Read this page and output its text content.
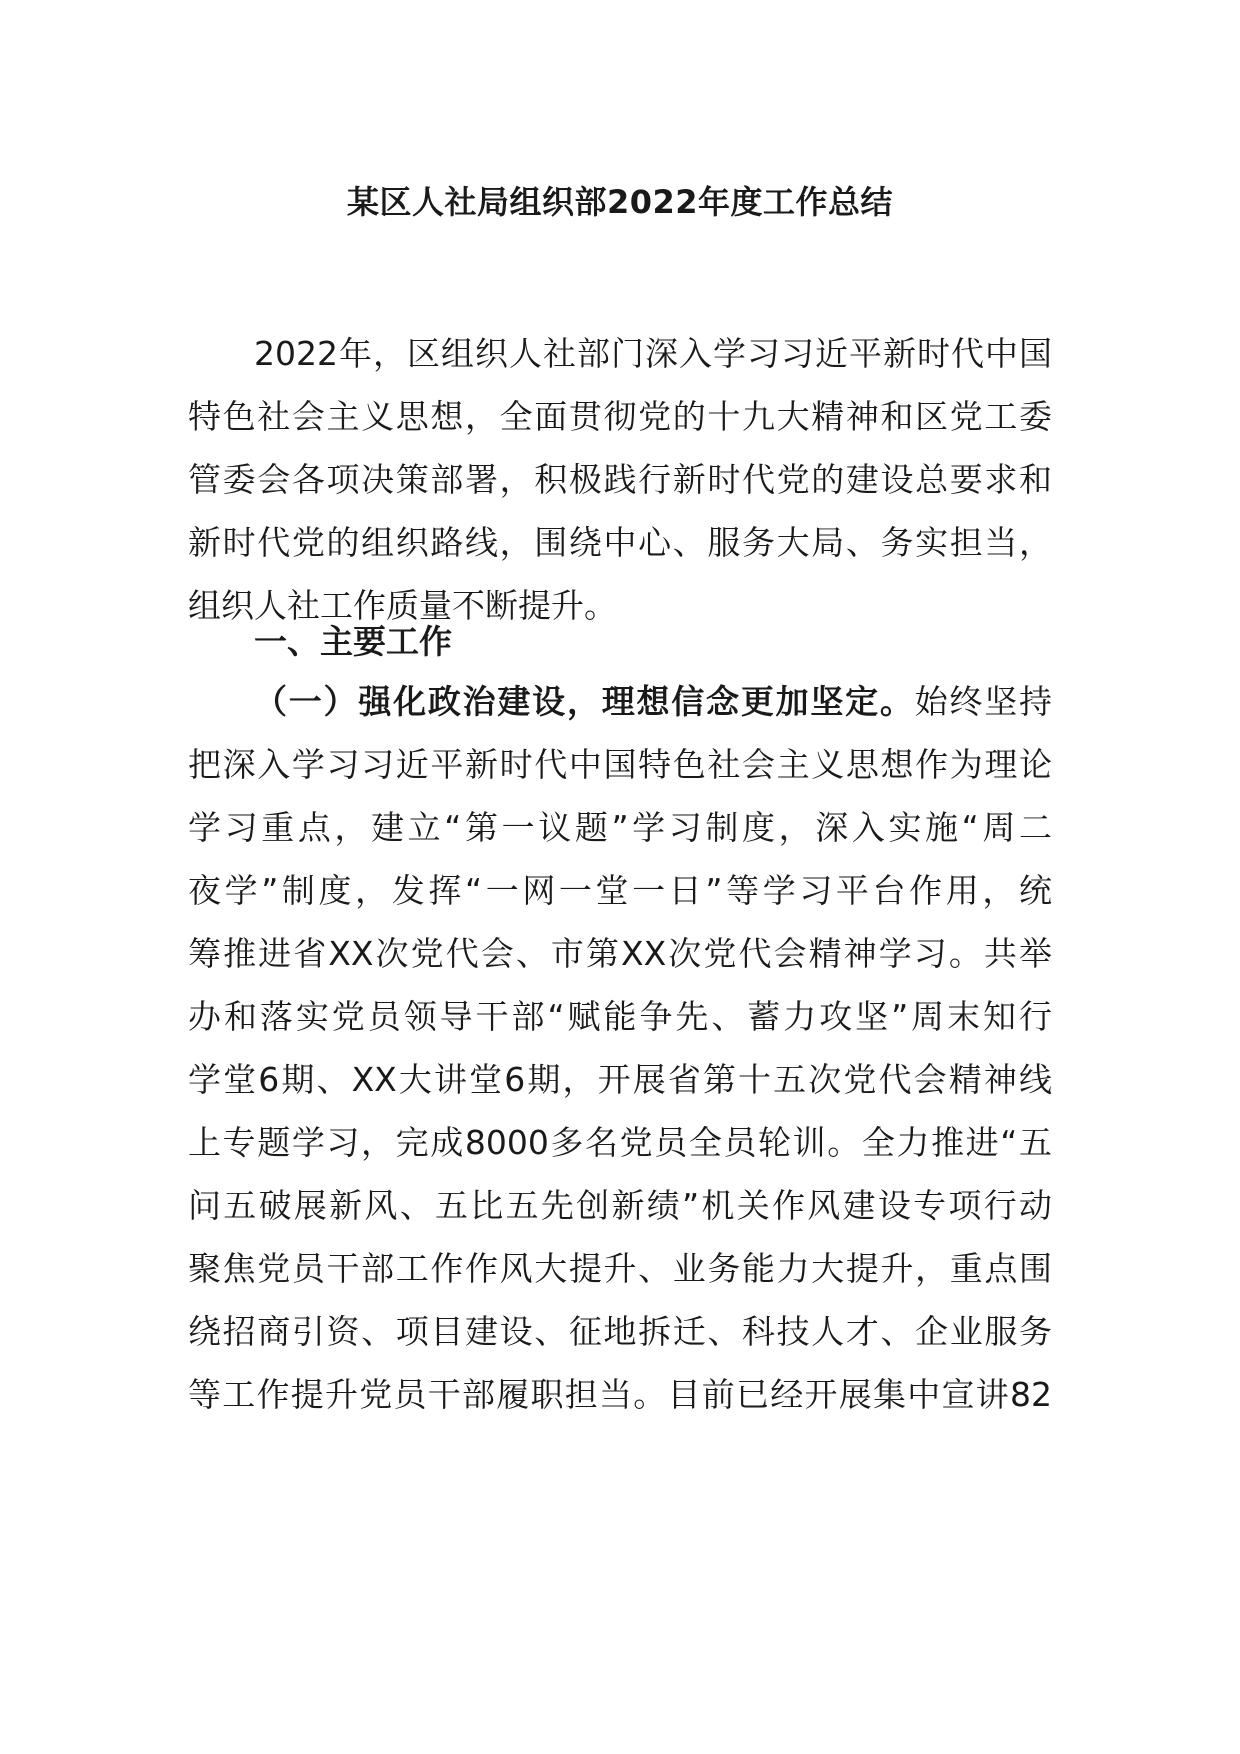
某区人社局组织部2022年度工作总结
2022年，区组织人社部门深入学习习近平新时代中国
特色社会主义思想，全面贯彻党的十九大精神和区党工委
管委会各项决策部署，积极践行新时代党的建设总要求和
新时代党的组织路线，围绕中心、服务大局、务实担当，
组织人社工作质量不断提升。
一、主要工作
（一）强化政治建设，理想信念更加坚定。始终坚持
把深入学习习近平新时代中国特色社会主义思想作为理论
学习重点，建立“第一议题”学习制度，深入实施“周二
夜学”制度，发挥“一网一堂一日”等学习平台作用，统
筹推进省XX次党代会、市第XX次党代会精神学习。共举
办和落实党员领导干部“赋能争先、蓄力攻坚”周末知行
学堂6期、XX大讲堂6期，开展省第十五次党代会精神线
上专题学习，完成8000多名党员全员轮训。全力推进“五
问五破展新风、五比五先创新绩”机关作风建设专项行动
聚焦党员干部工作作风大提升、业务能力大提升，重点围
绕招商引资、项目建设、征地拆迁、科技人才、企业服务
等工作提升党员干部履职担当。目前已经开展集中宣讲82
